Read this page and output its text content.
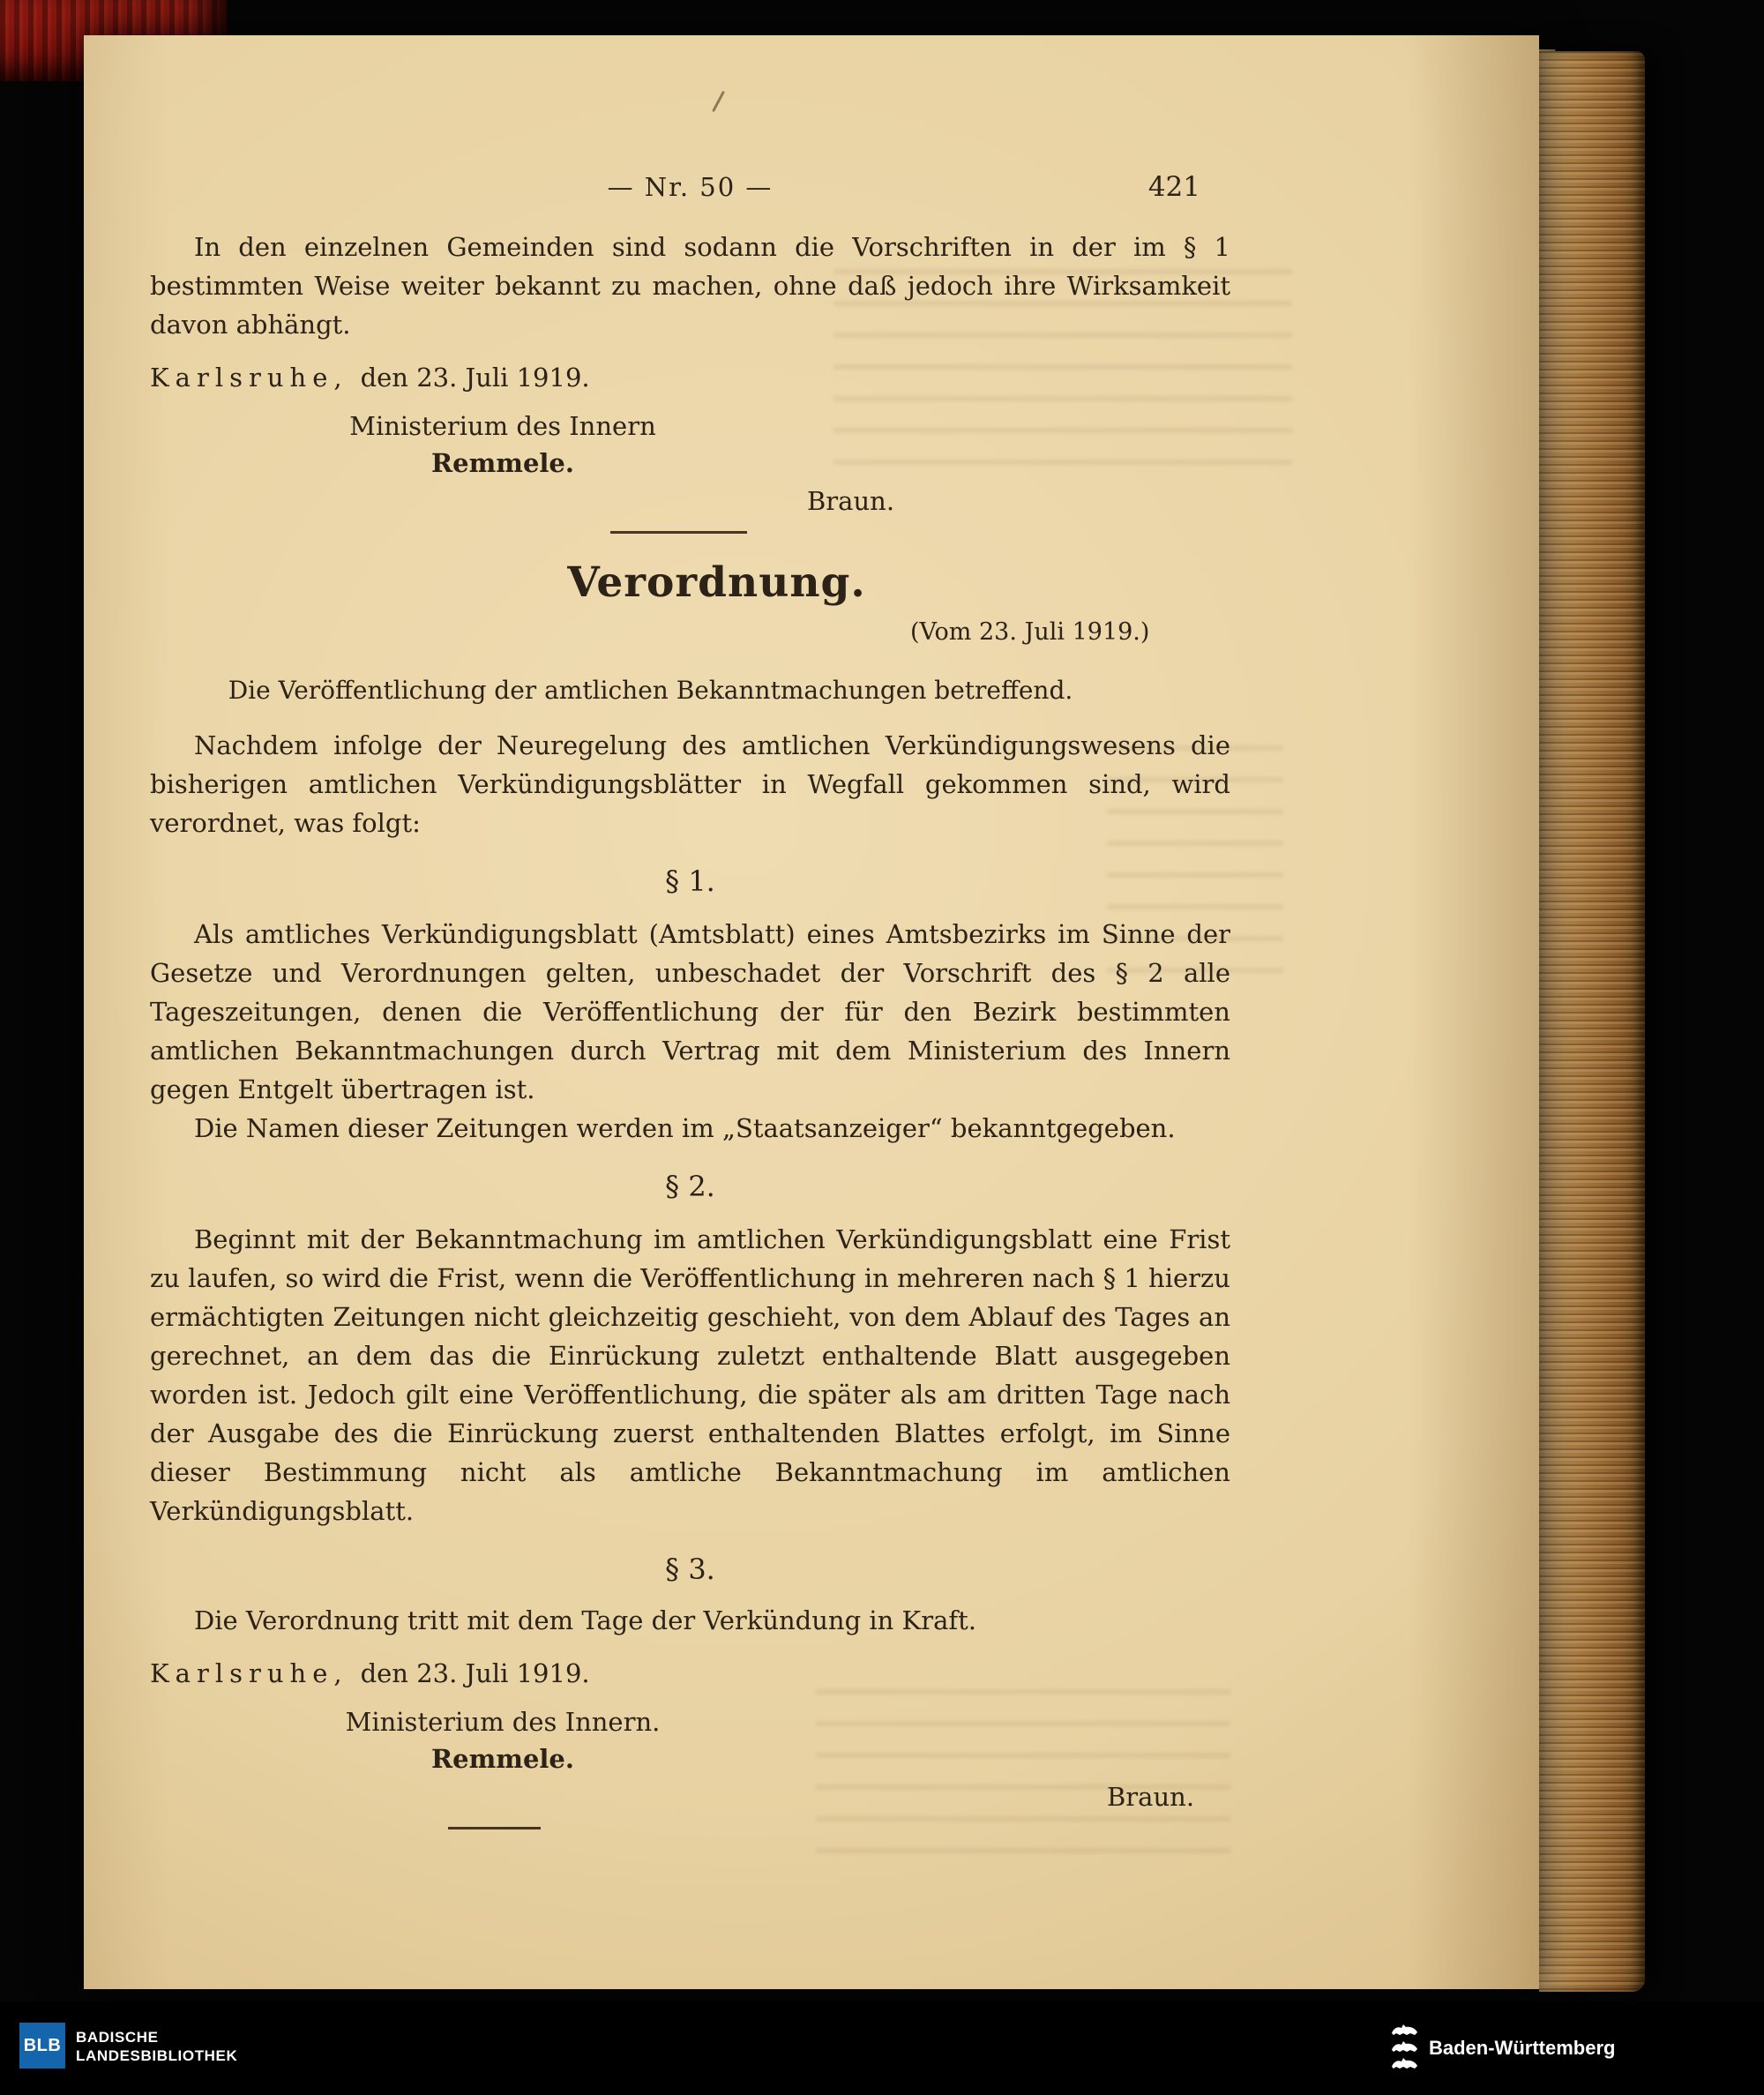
— Nr. 50 —	421

In den einzelnen Gemeinden sind sodann die Vorschriften in der im § 1 bestimmten Weise weiter bekannt zu machen, ohne daß jedoch ihre Wirksamkeit davon abhängt.

Karlsruhe, den 23. Juli 1919.

Ministerium des Innern
Remmele.
Braun.
Verordnung.
(Vom 23. Juli 1919.)
Die Veröffentlichung der amtlichen Bekanntmachungen betreffend.

Nachdem infolge der Neuregelung des amtlichen Verkündigungswesens die bisherigen amtlichen Verkündigungsblätter in Wegfall gekommen sind, wird verordnet, was folgt:

§ 1.

Als amtliches Verkündigungsblatt (Amtsblatt) eines Amtsbezirks im Sinne der Gesetze und Verordnungen gelten, unbeschadet der Vorschrift des § 2 alle Tageszeitungen, denen die Veröffentlichung der für den Bezirk bestimmten amtlichen Bekanntmachungen durch Vertrag mit dem Ministerium des Innern gegen Entgelt übertragen ist.

Die Namen dieser Zeitungen werden im „Staatsanzeiger“ bekanntgegeben.

§ 2.

Beginnt mit der Bekanntmachung im amtlichen Verkündigungsblatt eine Frist zu laufen, so wird die Frist, wenn die Veröffentlichung in mehreren nach § 1 hierzu ermächtigten Zeitungen nicht gleichzeitig geschieht, von dem Ablauf des Tages an gerechnet, an dem das die Einrückung zuletzt enthaltende Blatt ausgegeben worden ist. Jedoch gilt eine Veröffentlichung, die später als am dritten Tage nach der Ausgabe des die Einrückung zuerst enthaltenden Blattes erfolgt, im Sinne dieser Bestimmung nicht als amtliche Bekanntmachung im amtlichen Verkündigungsblatt.

§ 3.

Die Verordnung tritt mit dem Tage der Verkündung in Kraft.

Karlsruhe, den 23. Juli 1919.

Ministerium des Innern.
Remmele.
Braun.
BLB BADISCHE
LANDESBIBLIOTHEK	Baden-Württemberg
